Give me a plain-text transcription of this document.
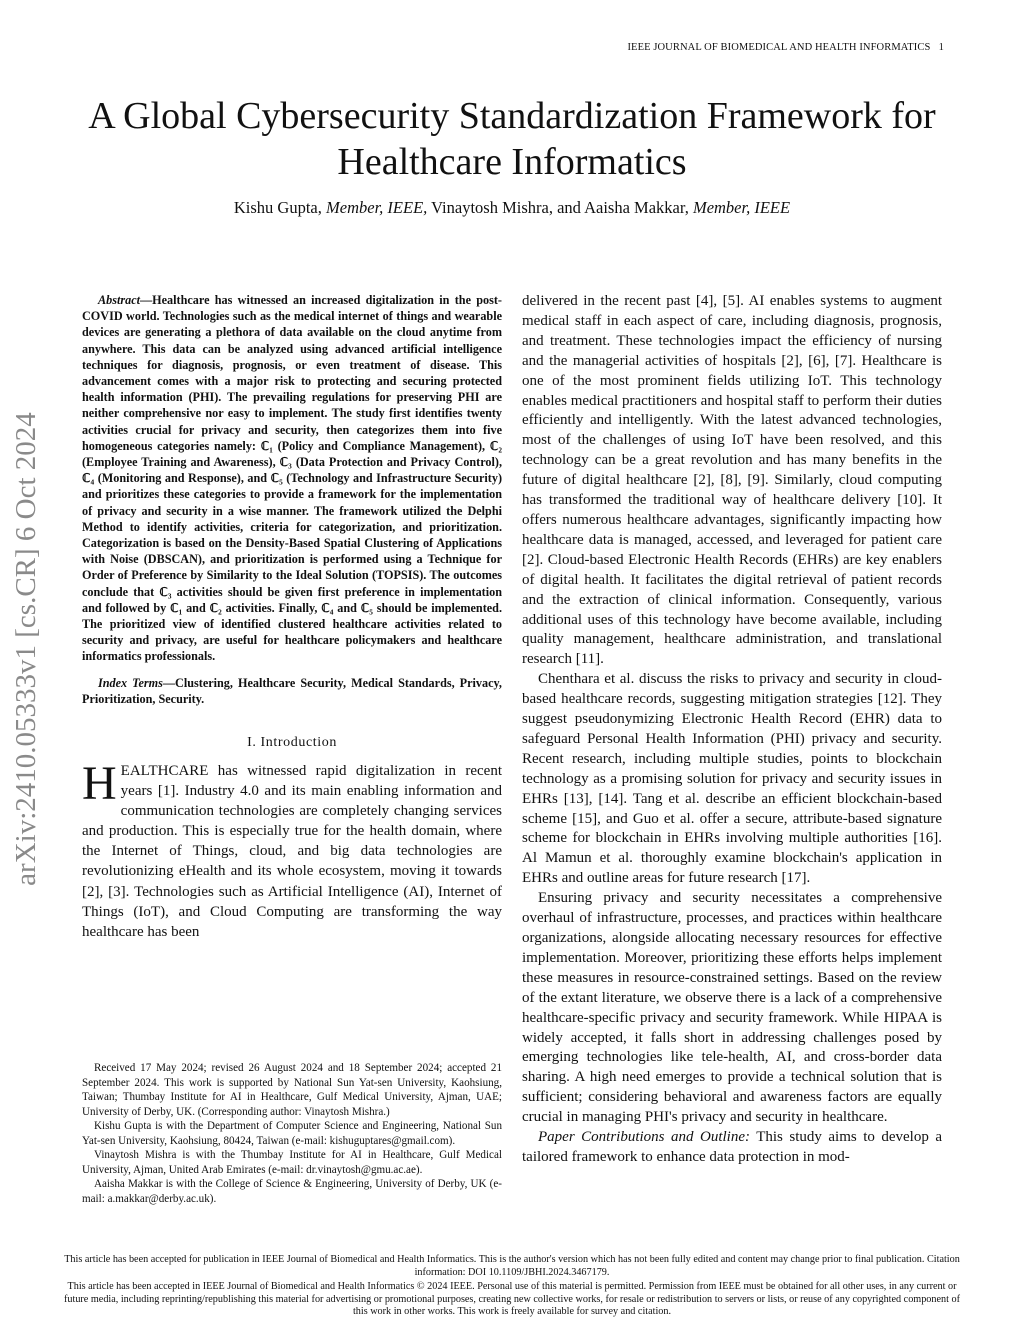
IEEE JOURNAL OF BIOMEDICAL AND HEALTH INFORMATICS 1
arXiv:2410.05333v1 [cs.CR] 6 Oct 2024
A Global Cybersecurity Standardization Framework for Healthcare Informatics
Kishu Gupta, Member, IEEE, Vinaytosh Mishra, and Aaisha Makkar, Member, IEEE

Abstract—Healthcare has witnessed an increased digitalization in the post-COVID world. Technologies such as the medical internet of things and wearable devices are generating a plethora of data available on the cloud anytime from anywhere. This data can be analyzed using advanced artificial intelligence techniques for diagnosis, prognosis, or even treatment of disease. This advancement comes with a major risk to protecting and securing protected health information (PHI). The prevailing regulations for preserving PHI are neither comprehensive nor easy to implement. The study first identifies twenty activities crucial for privacy and security, then categorizes them into five homogeneous categories namely: ℂ₁ (Policy and Compliance Management), ℂ₂ (Employee Training and Awareness), ℂ₃ (Data Protection and Privacy Control), ℂ₄ (Monitoring and Response), and ℂ₅ (Technology and Infrastructure Security) and prioritizes these categories to provide a framework for the implementation of privacy and security in a wise manner. The framework utilized the Delphi Method to identify activities, criteria for categorization, and prioritization. Categorization is based on the Density-Based Spatial Clustering of Applications with Noise (DBSCAN), and prioritization is performed using a Technique for Order of Preference by Similarity to the Ideal Solution (TOPSIS). The outcomes conclude that ℂ₃ activities should be given first preference in implementation and followed by ℂ₁ and ℂ₂ activities. Finally, ℂ₄ and ℂ₅ should be implemented. The prioritized view of identified clustered healthcare activities related to security and privacy, are useful for healthcare policymakers and healthcare informatics professionals.

Index Terms—Clustering, Healthcare Security, Medical Standards, Privacy, Prioritization, Security.

I. Introduction

HEALTHCARE has witnessed rapid digitalization in recent years [1]. Industry 4.0 and its main enabling information and communication technologies are completely changing services and production. This is especially true for the health domain, where the Internet of Things, cloud, and big data technologies are revolutionizing eHealth and its whole ecosystem, moving it towards [2], [3]. Technologies such as Artificial Intelligence (AI), Internet of Things (IoT), and Cloud Computing are transforming the way healthcare has been

Received 17 May 2024; revised 26 August 2024 and 18 September 2024; accepted 21 September 2024. This work is supported by National Sun Yat-sen University, Kaohsiung, Taiwan; Thumbay Institute for AI in Healthcare, Gulf Medical University, Ajman, UAE; University of Derby, UK. (Corresponding author: Vinaytosh Mishra.)

Kishu Gupta is with the Department of Computer Science and Engineering, National Sun Yat-sen University, Kaohsiung, 80424, Taiwan (e-mail: kishuguptares@gmail.com).

Vinaytosh Mishra is with the Thumbay Institute for AI in Healthcare, Gulf Medical University, Ajman, United Arab Emirates (e-mail: dr.vinaytosh@gmu.ac.ae).

Aaisha Makkar is with the College of Science & Engineering, University of Derby, UK (e-mail: a.makkar@derby.ac.uk).

delivered in the recent past [4], [5]. AI enables systems to augment medical staff in each aspect of care, including diagnosis, prognosis, and treatment. These technologies impact the efficiency of nursing and the managerial activities of hospitals [2], [6], [7]. Healthcare is one of the most prominent fields utilizing IoT. This technology enables medical practitioners and hospital staff to perform their duties efficiently and intelligently. With the latest advanced technologies, most of the challenges of using IoT have been resolved, and this technology can be a great revolution and has many benefits in the future of digital healthcare [2], [8], [9]. Similarly, cloud computing has transformed the traditional way of healthcare delivery [10]. It offers numerous healthcare advantages, significantly impacting how healthcare data is managed, accessed, and leveraged for patient care [2]. Cloud-based Electronic Health Records (EHRs) are key enablers of digital health. It facilitates the digital retrieval of patient records and the extraction of clinical information. Consequently, various additional uses of this technology have become available, including quality management, healthcare administration, and translational research [11].

Chenthara et al. discuss the risks to privacy and security in cloud-based healthcare records, suggesting mitigation strategies [12]. They suggest pseudonymizing Electronic Health Record (EHR) data to safeguard Personal Health Information (PHI) privacy and security. Recent research, including multiple studies, points to blockchain technology as a promising solution for privacy and security issues in EHRs [13], [14]. Tang et al. describe an efficient blockchain-based scheme [15], and Guo et al. offer a secure, attribute-based signature scheme for blockchain in EHRs involving multiple authorities [16]. Al Mamun et al. thoroughly examine blockchain's application in EHRs and outline areas for future research [17].

Ensuring privacy and security necessitates a comprehensive overhaul of infrastructure, processes, and practices within healthcare organizations, alongside allocating necessary resources for effective implementation. Moreover, prioritizing these efforts helps implement these measures in resource-constrained settings. Based on the review of the extant literature, we observe there is a lack of a comprehensive healthcare-specific privacy and security framework. While HIPAA is widely accepted, it falls short in addressing challenges posed by emerging technologies like tele-health, AI, and cross-border data sharing. A high need emerges to provide a technical solution that is sufficient; considering behavioral and awareness factors are equally crucial in managing PHI's privacy and security in healthcare.

Paper Contributions and Outline: This study aims to develop a tailored framework to enhance data protection in mod-

This article has been accepted for publication in IEEE Journal of Biomedical and Health Informatics. This is the author's version which has not been fully edited and content may change prior to final publication. Citation information: DOI 10.1109/JBHI.2024.3467179.
This article has been accepted in IEEE Journal of Biomedical and Health Informatics © 2024 IEEE. Personal use of this material is permitted. Permission from IEEE must be obtained for all other uses, in any current or future media, including reprinting/republishing this material for advertising or promotional purposes, creating new collective works, for resale or redistribution to servers or lists, or reuse of any copyrighted component of this work in other works. This work is freely available for survey and citation.
